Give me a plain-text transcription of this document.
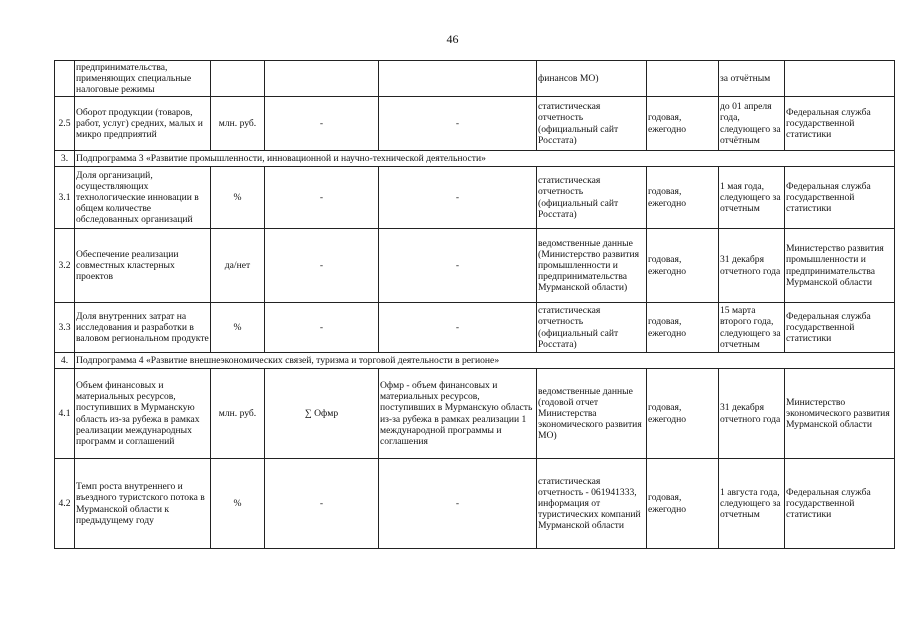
46
	предпринимательства, применяющих специальные налоговые режимы				финансов МО)		за отчётным	
2.5	Оборот продукции (товаров, работ, услуг) средних, малых и микро предприятий	млн. руб.	-	-	статистическая отчетность (официальный сайт Росстата)	годовая, ежегодно	до 01 апреля года, следующего за отчётным	Федеральная служба государственной статистики
3.	Подпрограмма 3 «Развитие промышленности, инновационной и научно-технической деятельности»							
3.1	Доля организаций, осуществляющих технологические инновации в общем количестве обследованных организаций	%	-	-	статистическая отчетность (официальный сайт Росстата)	годовая, ежегодно	1 мая года, следующего за отчетным	Федеральная служба государственной статистики
3.2	Обеспечение реализации совместных кластерных проектов	да/нет	-	-	ведомственные данные (Министерство развития промышленности и предпринимательства Мурманской области)	годовая, ежегодно	31 декабря отчетного года	Министерство развития промышленности и предпринимательства Мурманской области
3.3	Доля внутренних затрат на исследования и разработки в валовом региональном продукте	%	-	-	статистическая отчетность (официальный сайт Росстата)	годовая, ежегодно	15 марта второго года, следующего за отчетным	Федеральная служба государственной статистики
4.	Подпрограмма 4 «Развитие внешнеэкономических связей, туризма и торговой деятельности в регионе»							
4.1	Объем финансовых и материальных ресурсов, поступивших в Мурманскую область из-за рубежа в рамках реализации международных программ и соглашений	млн. руб.	∑ Офмр	Офмр - объем финансовых и материальных ресурсов, поступивших в Мурманскую область из-за рубежа в рамках реализации 1 международной программы и соглашения	ведомственные данные (годовой отчет Министерства экономического развития МО)	годовая, ежегодно	31 декабря отчетного года	Министерство экономического развития Мурманской области
4.2	Темп роста внутреннего и въездного туристского потока в Мурманской области к предыдущему году	%	-	-	статистическая отчетность - 061941333, информация от туристических компаний Мурманской области	годовая, ежегодно	1 августа года, следующего за отчетным	Федеральная служба государственной статистики
